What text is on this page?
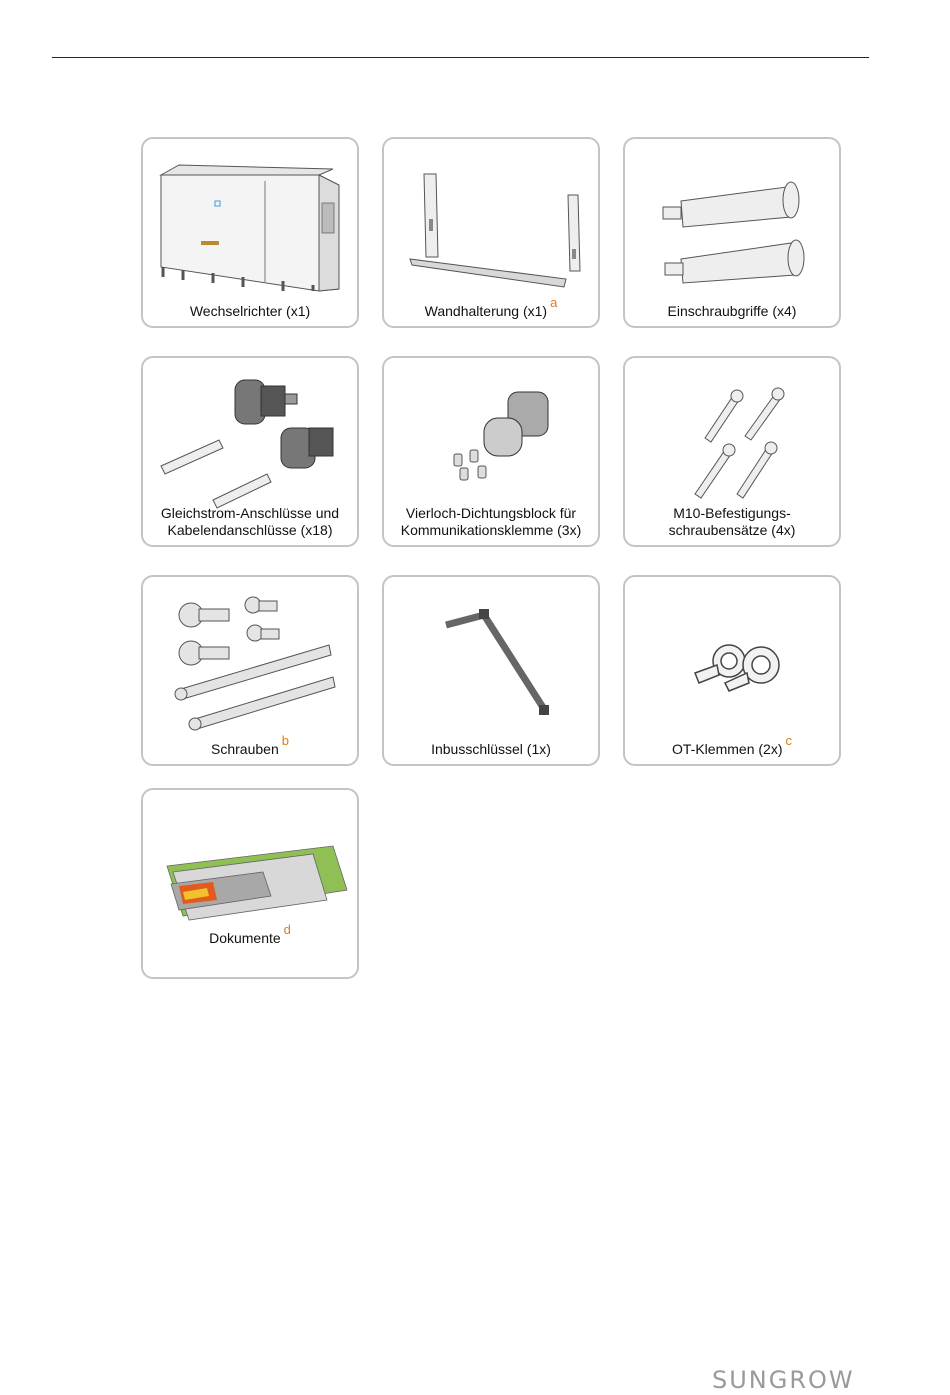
Wechselrichter (x1)	Wandhalterung (x1)a
Einschraubgriffe (x4)
Gleichstrom-Anschlüsse und
Kabelendanschlüsse (x18)
Vierloch-Dichtungsblock für
Kommunikationsklemme (3x)
M10-Befestigungs-
schraubensätze (4x)
Schraubenb
Inbusschlüssel (1x)	OT-Klemmen (2x)c
Dokumented
SUNGROW
